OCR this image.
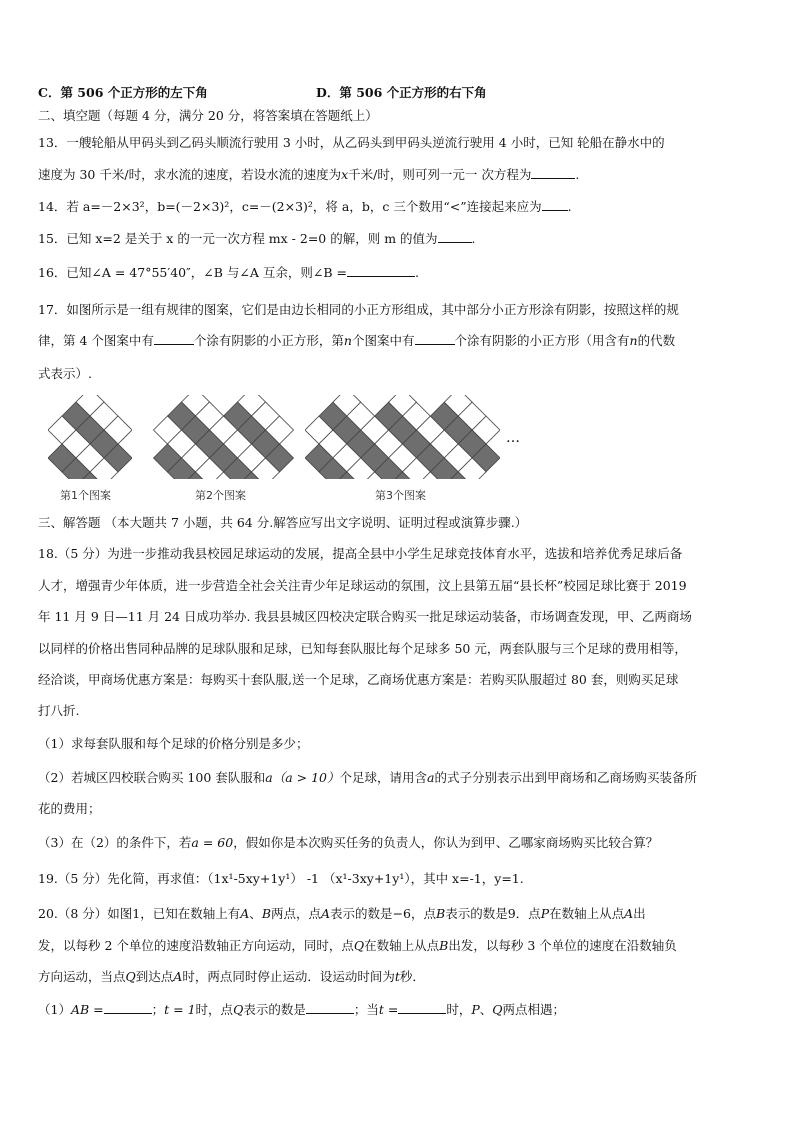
C．第 506 个正方形的左下角	D．第 506 个正方形的右下角
二、填空题（每题 4 分，满分 20 分，将答案填在答题纸上）
13．一艘轮船从甲码头到乙码头顺流行驶用 3 小时，从乙码头到甲码头逆流行驶用 4 小时，已知 轮船在静水中的
速度为 30 千米/时，求水流的速度，若设水流的速度为x千米/时，则可列一元一 次方程为	.
14．若 a=－2×3²，b=(－2×3)²，c=－(2×3)²，将 a，b，c 三个数用“<”连接起来应为 .
15．已知 x=2 是关于 x 的一元一次方程 mx - 2=0 的解，则 m 的值为	.
16．已知∠A = 47°55′40″，∠B 与∠A 互余，则∠B =	.
17．如图所示是一组有规律的图案，它们是由边长相同的小正方形组成，其中部分小正方形涂有阴影，按照这样的规
律，第 4 个图案中有	个涂有阴影的小正方形，第n个图案中有	个涂有阴影的小正方形（用含有n的代数
式表示）.
…
第1个图案	第2个图案	第3个图案
三、解答题 （本大题共 7 小题，共 64 分.解答应写出文字说明、证明过程或演算步骤.）
18.（5 分）为进一步推动我县校园足球运动的发展，提高全县中小学生足球竞技体育水平，选拔和培养优秀足球后备
人才，增强青少年体质，进一步营造全社会关注青少年足球运动的氛围，汶上县第五届“县长杯”校园足球比赛于 2019
年 11 月 9 日—11 月 24 日成功举办. 我县县城区四校决定联合购买一批足球运动装备，市场调查发现，甲、乙两商场
以同样的价格出售同种品牌的足球队服和足球，已知每套队服比每个足球多 50 元，两套队服与三个足球的费用相等，
经洽谈，甲商场优惠方案是：每购买十套队服,送一个足球，乙商场优惠方案是：若购买队服超过 80 套，则购买足球
打八折.
（1）求每套队服和每个足球的价格分别是多少；
（2）若城区四校联合购买 100 套队服和a（a > 10）个足球，请用含a的式子分别表示出到甲商场和乙商场购买装备所
花的费用；
（3）在（2）的条件下，若a = 60，假如你是本次购买任务的负责人，你认为到甲、乙哪家商场购买比较合算？
19.（5 分）先化简，再求值：（1x¹-5xy+1y¹） -1 （x¹-3xy+1y¹），其中 x=-1，y=1.
20.（8 分）如图1，已知在数轴上有A、B两点，点A表示的数是−6，点B表示的数是9．点P在数轴上从点A出
发，以每秒 2 个单位的速度沿数轴正方向运动，同时，点Q在数轴上从点B出发，以每秒 3 个单位的速度在沿数轴负
方向运动，当点Q到达点A时，两点同时停止运动．设运动时间为t秒．
（1）AB =	；t = 1时，点Q表示的数是	；当t =	时，P、Q两点相遇；
